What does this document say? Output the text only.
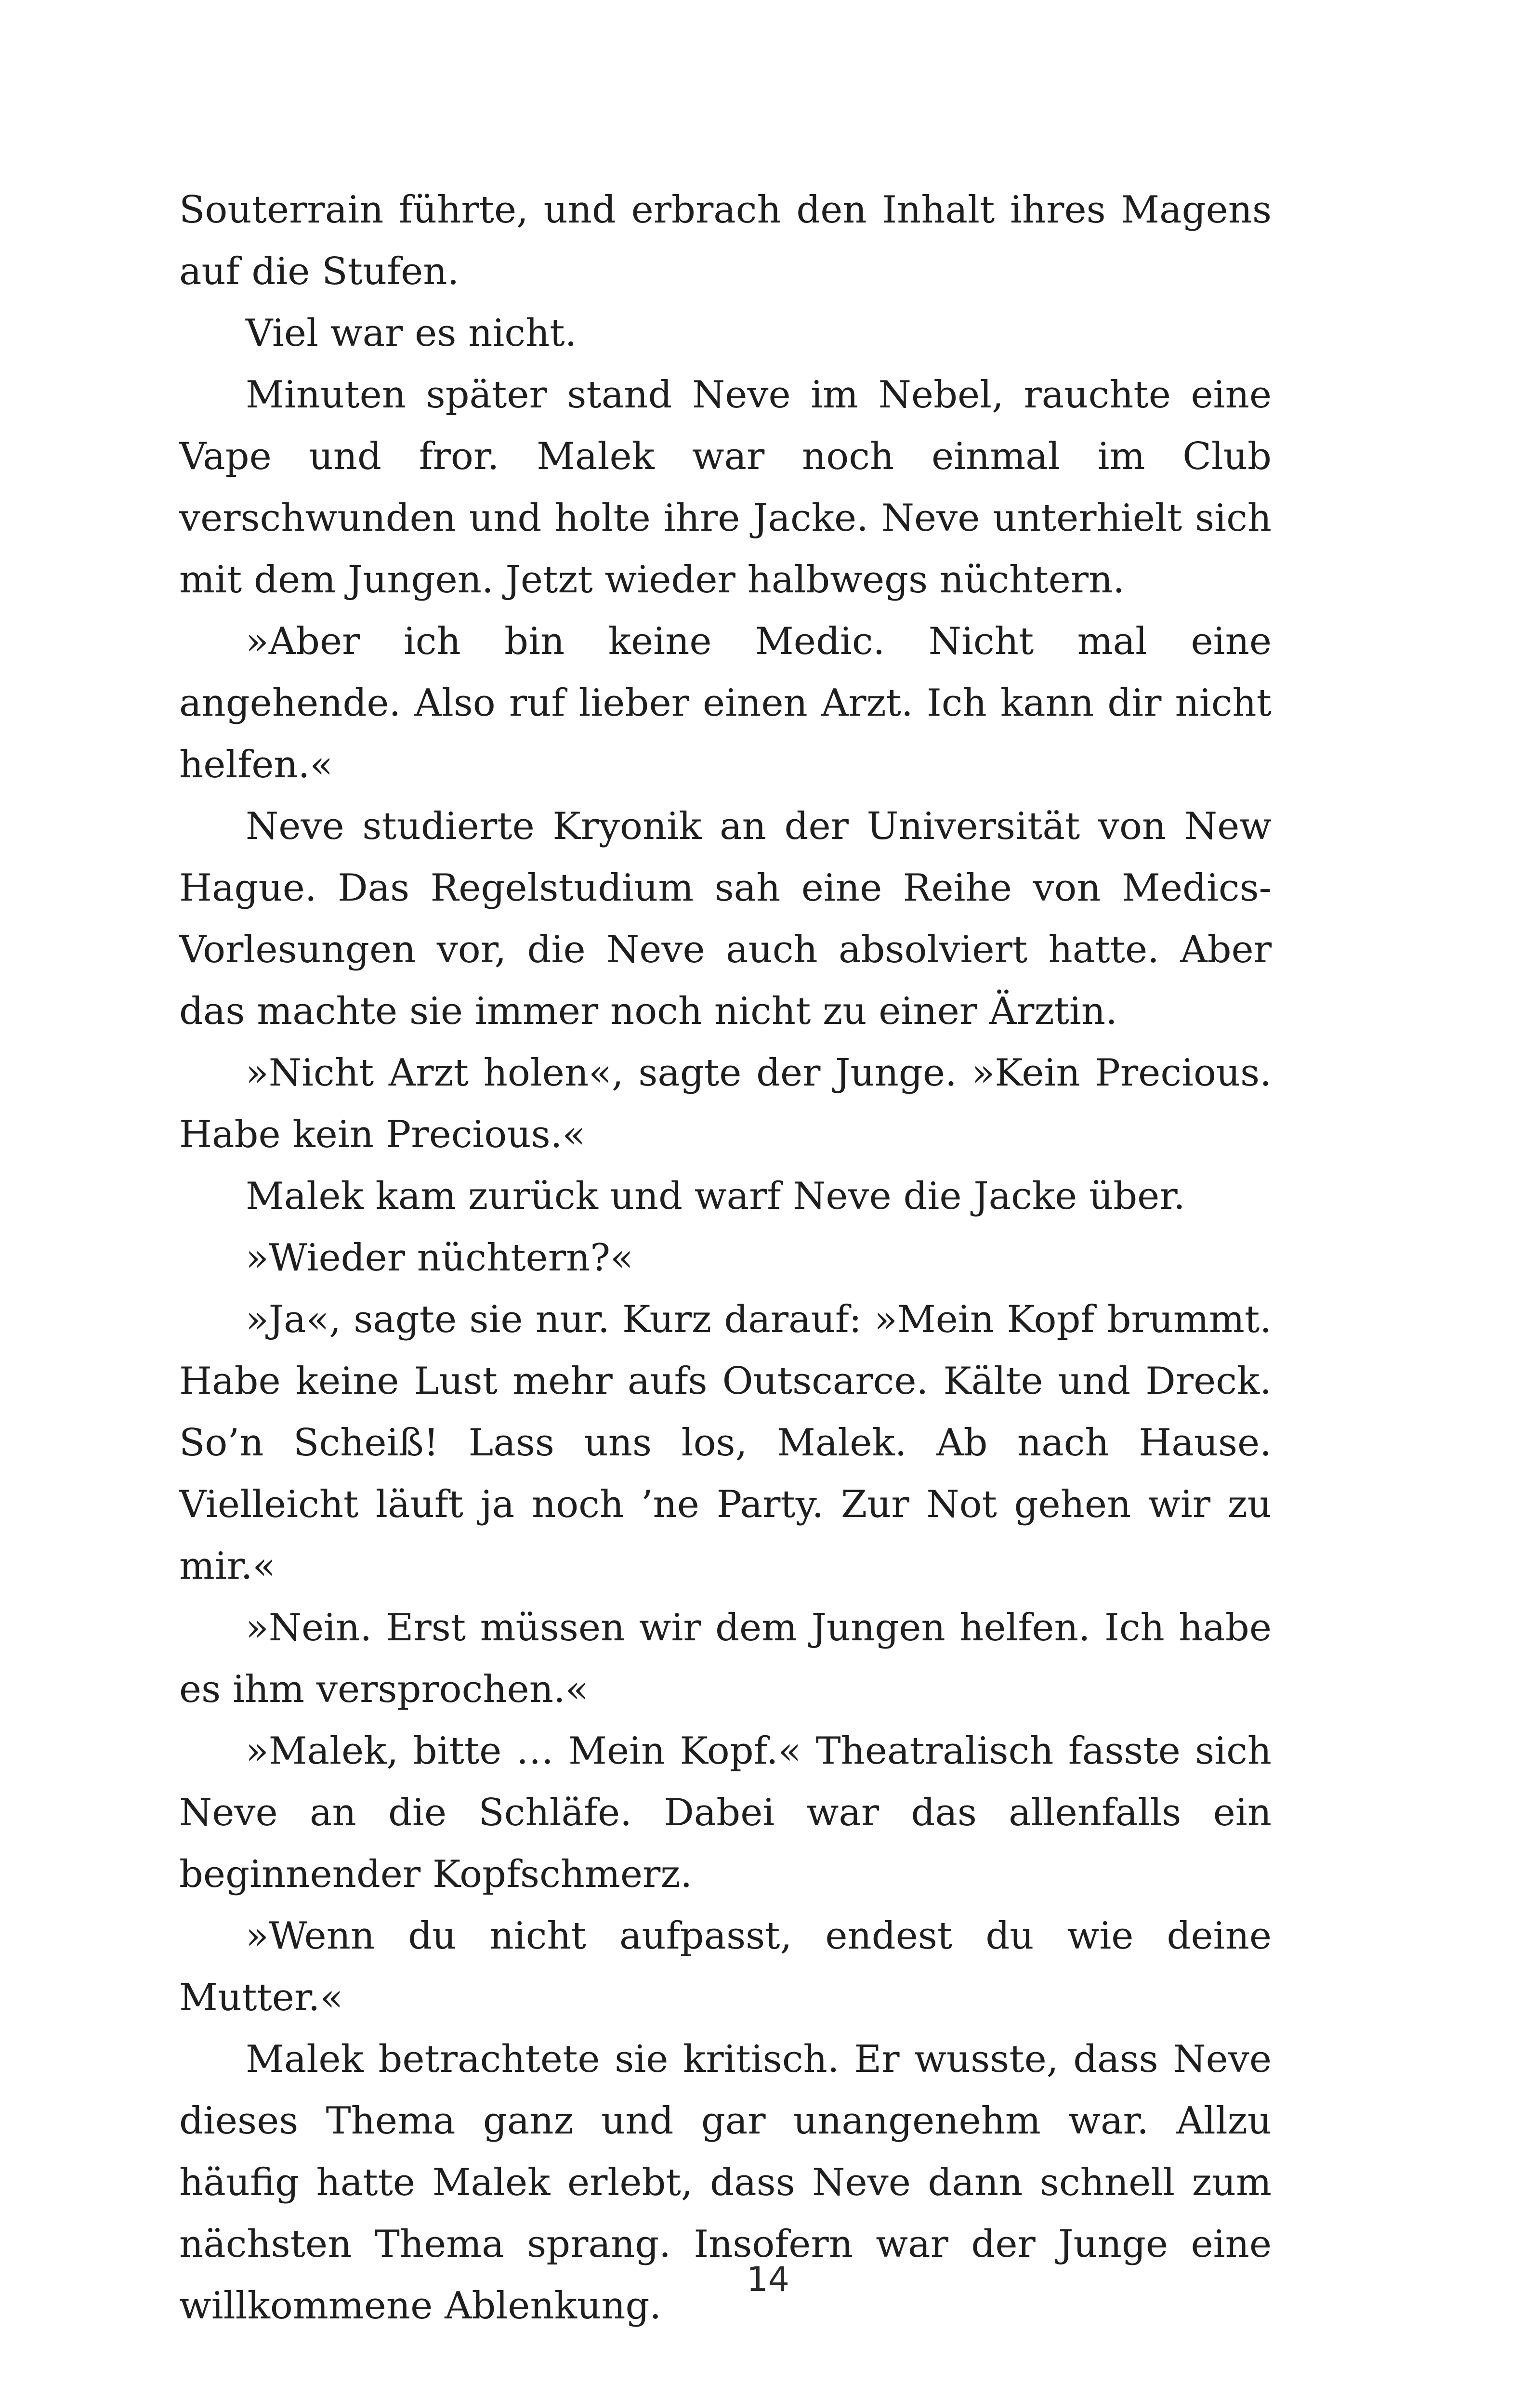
Souterrain führte, und erbrach den Inhalt ihres Magens auf die Stufen.

Viel war es nicht.

Minuten später stand Neve im Nebel, rauchte eine Vape und fror. Malek war noch einmal im Club verschwunden und holte ihre Jacke. Neve unterhielt sich mit dem Jungen. Jetzt wieder halbwegs nüchtern.

»Aber ich bin keine Medic. Nicht mal eine angehende. Also ruf lieber einen Arzt. Ich kann dir nicht helfen.«

Neve studierte Kryonik an der Universität von New Hague. Das Regelstudium sah eine Reihe von Medics-Vorlesungen vor, die Neve auch absolviert hatte. Aber das machte sie immer noch nicht zu einer Ärztin.

»Nicht Arzt holen«, sagte der Junge. »Kein Precious. Habe kein Precious.«

Malek kam zurück und warf Neve die Jacke über.

»Wieder nüchtern?«

»Ja«, sagte sie nur. Kurz darauf: »Mein Kopf brummt. Habe keine Lust mehr aufs Outscarce. Kälte und Dreck. So’n Scheiß! Lass uns los, Malek. Ab nach Hause. Vielleicht läuft ja noch ’ne Party. Zur Not gehen wir zu mir.«

»Nein. Erst müssen wir dem Jungen helfen. Ich habe es ihm versprochen.«

»Malek, bitte … Mein Kopf.« Theatralisch fasste sich Neve an die Schläfe. Dabei war das allenfalls ein beginnender Kopfschmerz.

»Wenn du nicht aufpasst, endest du wie deine Mutter.«

Malek betrachtete sie kritisch. Er wusste, dass Neve dieses Thema ganz und gar unangenehm war. Allzu häufig hatte Malek erlebt, dass Neve dann schnell zum nächsten Thema sprang. Insofern war der Junge eine willkommene Ablenkung.

14
